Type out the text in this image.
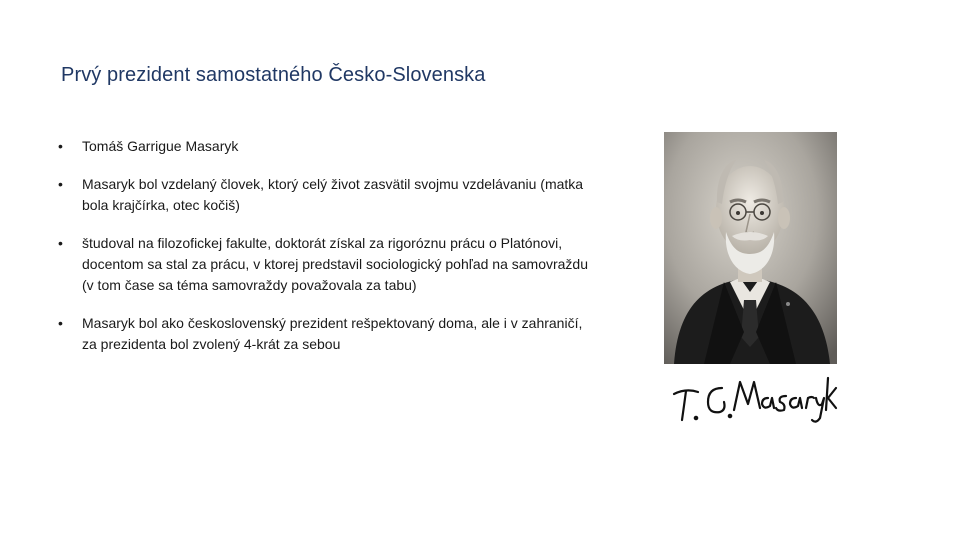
Prvý prezident samostatného Česko-Slovenska
• Tomáš Garrigue Masaryk
• Masaryk bol vzdelaný človek, ktorý celý život zasvätil svojmu vzdelávaniu (matka bola krajčírka, otec kočiš)
• študoval na filozofickej fakulte, doktorát získal za rigoróznu prácu o Platónovi, docentom sa stal za prácu, v ktorej predstavil sociologický pohľad na samovraždu (v tom čase sa téma samovraždy považovala za tabu)
• Masaryk bol ako československý prezident rešpektovaný doma, ale i v zahraničí, za prezidenta bol zvolený 4-krát za sebou
